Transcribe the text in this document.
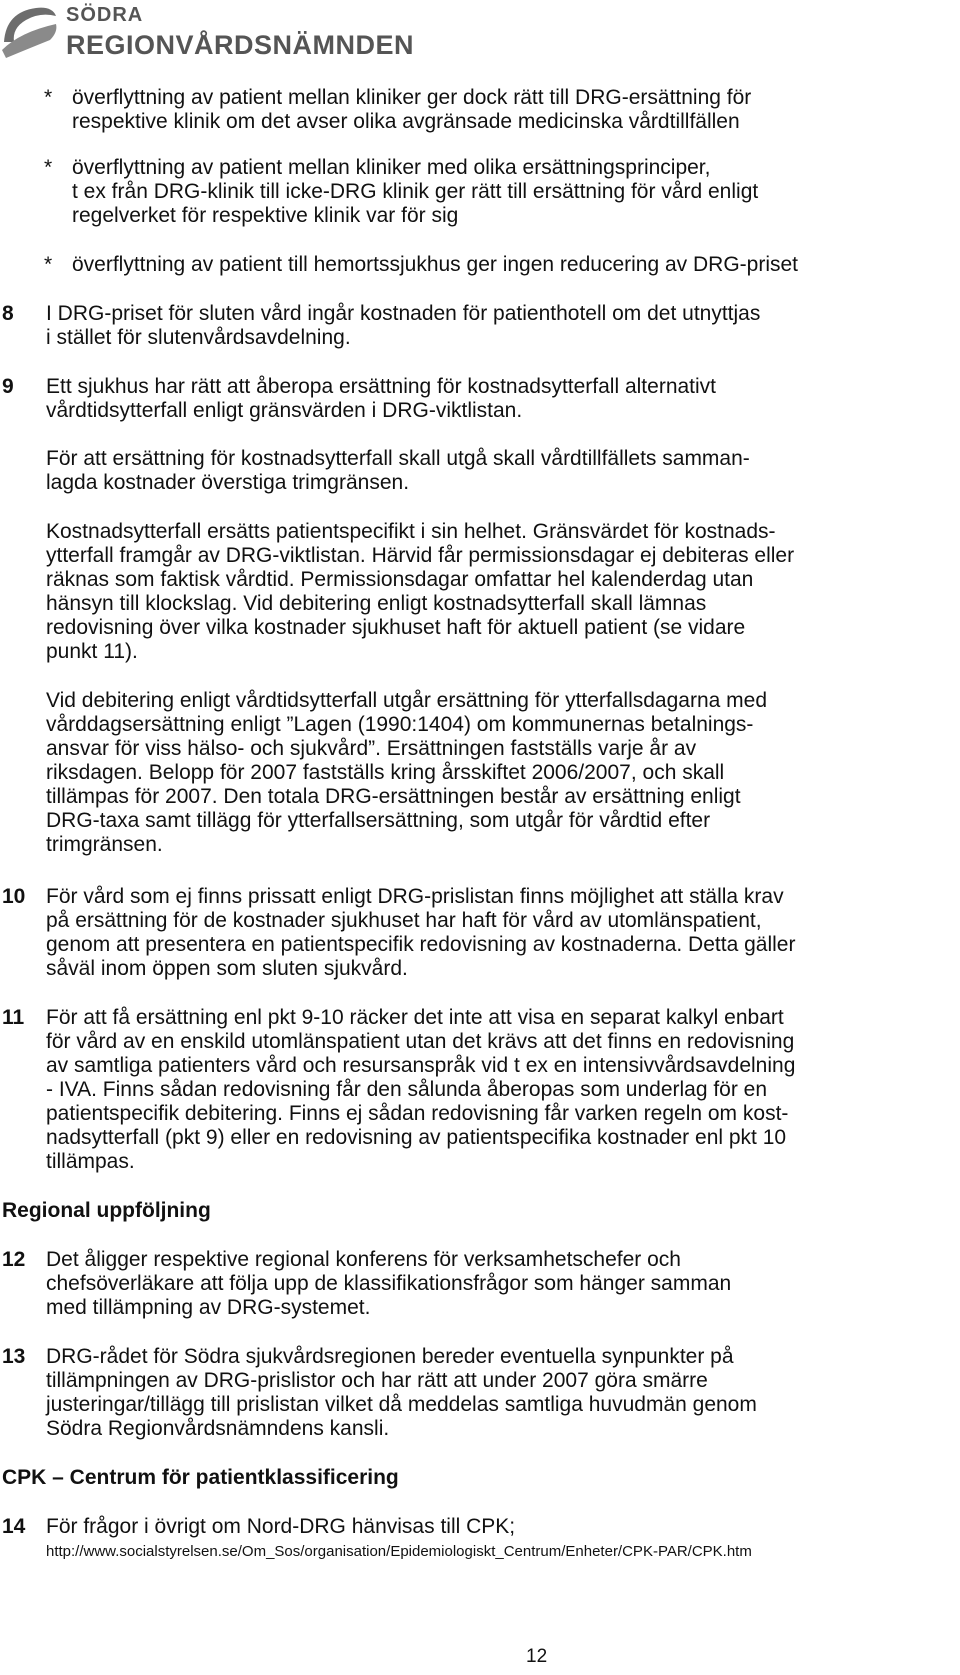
SÖDRA
REGIONVÅRDSNÄMNDEN
* överflyttning av patient mellan kliniker ger dock rätt till DRG-ersättning för
respektive klinik om det avser olika avgränsade medicinska vårdtillfällen
* överflyttning av patient mellan kliniker med olika ersättningsprinciper,
t ex från DRG-klinik till icke-DRG klinik ger rätt till ersättning för vård enligt
regelverket för respektive klinik var för sig
* överflyttning av patient till hemortssjukhus ger ingen reducering av DRG-priset
8 I DRG-priset för sluten vård ingår kostnaden för patienthotell om det utnyttjas
i stället för slutenvårdsavdelning.
9 Ett sjukhus har rätt att åberopa ersättning för kostnadsytterfall alternativt
vårdtidsytterfall enligt gränsvärden i DRG-viktlistan.
För att ersättning för kostnadsytterfall skall utgå skall vårdtillfällets samman-
lagda kostnader överstiga trimgränsen.
Kostnadsytterfall ersätts patientspecifikt i sin helhet. Gränsvärdet för kostnads-
ytterfall framgår av DRG-viktlistan. Härvid får permissionsdagar ej debiteras eller
räknas som faktisk vårdtid. Permissionsdagar omfattar hel kalenderdag utan
hänsyn till klockslag. Vid debitering enligt kostnadsytterfall skall lämnas
redovisning över vilka kostnader sjukhuset haft för aktuell patient (se vidare
punkt 11).
Vid debitering enligt vårdtidsytterfall utgår ersättning för ytterfallsdagarna med
vårddagsersättning enligt ”Lagen (1990:1404) om kommunernas betalnings-
ansvar för viss hälso- och sjukvård”. Ersättningen fastställs varje år av
riksdagen. Belopp för 2007 fastställs kring årsskiftet 2006/2007, och skall
tillämpas för 2007. Den totala DRG-ersättningen består av ersättning enligt
DRG-taxa samt tillägg för ytterfallsersättning, som utgår för vårdtid efter
trimgränsen.
10 För vård som ej finns prissatt enligt DRG-prislistan finns möjlighet att ställa krav
på ersättning för de kostnader sjukhuset har haft för vård av utomlänspatient,
genom att presentera en patientspecifik redovisning av kostnaderna. Detta gäller
såväl inom öppen som sluten sjukvård.
11 För att få ersättning enl pkt 9-10 räcker det inte att visa en separat kalkyl enbart
för vård av en enskild utomlänspatient utan det krävs att det finns en redovisning
av samtliga patienters vård och resursanspråk vid t ex en intensivvårdsavdelning
- IVA. Finns sådan redovisning får den sålunda åberopas som underlag för en
patientspecifik debitering. Finns ej sådan redovisning får varken regeln om kost-
nadsytterfall (pkt 9) eller en redovisning av patientspecifika kostnader enl pkt 10
tillämpas.
Regional uppföljning
12 Det åligger respektive regional konferens för verksamhetschefer och
chefsöverläkare att följa upp de klassifikationsfrågor som hänger samman
med tillämpning av DRG-systemet.
13 DRG-rådet för Södra sjukvårdsregionen bereder eventuella synpunkter på
tillämpningen av DRG-prislistor och har rätt att under 2007 göra smärre
justeringar/tillägg till prislistan vilket då meddelas samtliga huvudmän genom
Södra Regionvårdsnämndens kansli.
CPK – Centrum för patientklassificering
14 För frågor i övrigt om Nord-DRG hänvisas till CPK;
http://www.socialstyrelsen.se/Om_Sos/organisation/Epidemiologiskt_Centrum/Enheter/CPK-PAR/CPK.htm
12
